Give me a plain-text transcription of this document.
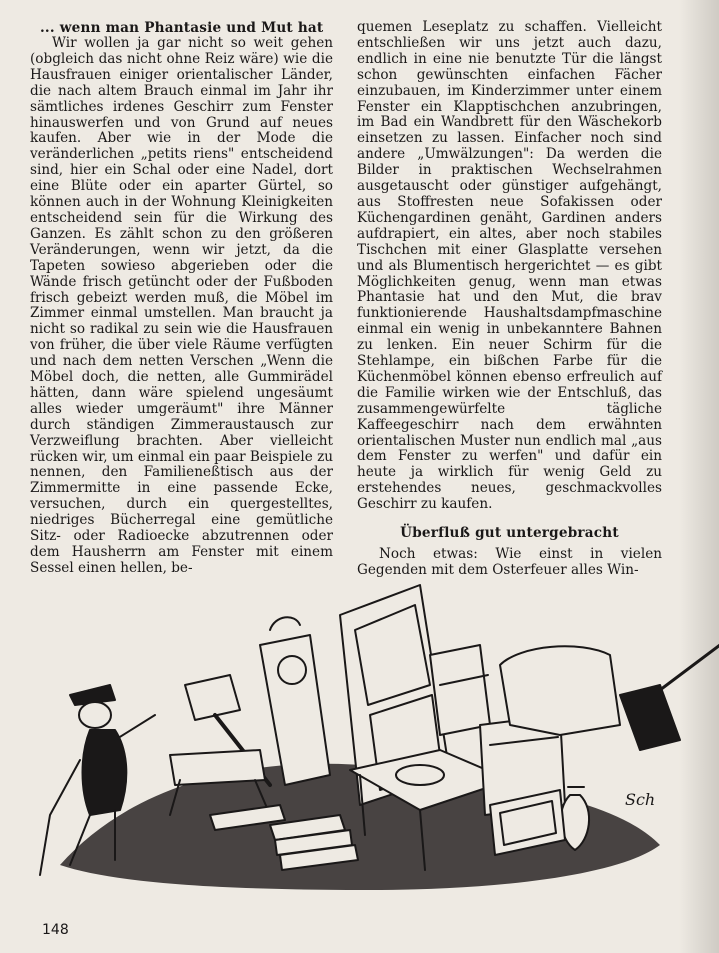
... wenn man Phantasie und Mut hat

Wir wollen ja gar nicht so weit gehen (obgleich das nicht ohne Reiz wäre) wie die Hausfrauen einiger orientalischer Länder, die nach altem Brauch einmal im Jahr ihr sämtliches irdenes Geschirr zum Fenster hinauswerfen und von Grund auf neues kaufen. Aber wie in der Mode die veränderlichen „petits riens" entscheidend sind, hier ein Schal oder eine Nadel, dort eine Blüte oder ein aparter Gürtel, so können auch in der Wohnung Kleinigkeiten entscheidend sein für die Wirkung des Ganzen. Es zählt schon zu den größeren Veränderungen, wenn wir jetzt, da die Tapeten sowieso abgerieben oder die Wände frisch getüncht oder der Fußboden frisch gebeizt werden muß, die Möbel im Zimmer einmal umstellen. Man braucht ja nicht so radikal zu sein wie die Hausfrauen von früher, die über viele Räume verfügten und nach dem netten Verschen „Wenn die Möbel doch, die netten, alle Gummirädel hätten, dann wäre spielend ungesäumt alles wieder umgeräumt" ihre Männer durch ständigen Zimmeraustausch zur Verzweiflung brachten. Aber vielleicht rücken wir, um einmal ein paar Beispiele zu nennen, den Familieneßtisch aus der Zimmermitte in eine passende Ecke, versuchen, durch ein quergestelltes, niedriges Bücherregal eine gemütliche Sitz- oder Radioecke abzutrennen oder dem Hausherrn am Fenster mit einem Sessel einen hellen, be-

quemen Leseplatz zu schaffen. Vielleicht entschließen wir uns jetzt auch dazu, endlich in eine nie benutzte Tür die längst schon gewünschten einfachen Fächer einzubauen, im Kinderzimmer unter einem Fenster ein Klapptischchen anzubringen, im Bad ein Wandbrett für den Wäschekorb einsetzen zu lassen. Einfacher noch sind andere „Umwälzungen": Da werden die Bilder in praktischen Wechselrahmen ausgetauscht oder günstiger aufgehängt, aus Stoffresten neue Sofakissen oder Küchengardinen genäht, Gardinen anders aufdrapiert, ein altes, aber noch stabiles Tischchen mit einer Glasplatte versehen und als Blumentisch hergerichtet — es gibt Möglichkeiten genug, wenn man etwas Phantasie hat und den Mut, die brav funktionierende Haushaltsdampfmaschine einmal ein wenig in unbekanntere Bahnen zu lenken. Ein neuer Schirm für die Stehlampe, ein bißchen Farbe für die Küchenmöbel können ebenso erfreulich auf die Familie wirken wie der Entschluß, das zusammengewürfelte tägliche Kaffeegeschirr nach dem erwähnten orientalischen Muster nun endlich mal „aus dem Fenster zu werfen" und dafür ein heute ja wirklich für wenig Geld zu erstehendes neues, geschmackvolles Geschirr zu kaufen.

Überfluß gut untergebracht

Noch etwas: Wie einst in vielen Gegenden mit dem Osterfeuer alles Win-

Sch
148
